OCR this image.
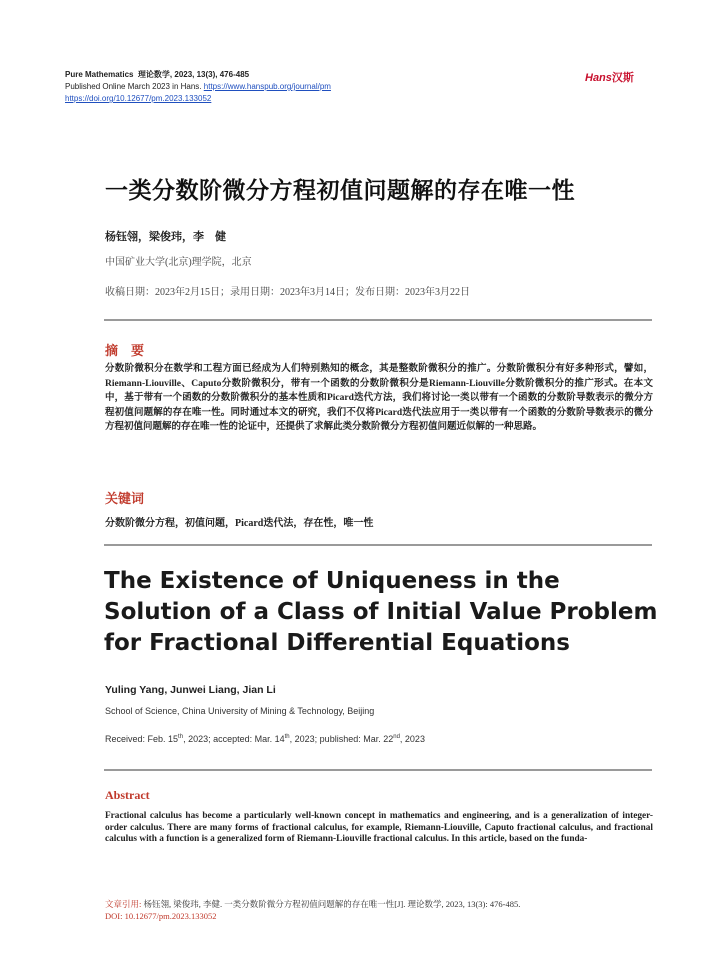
Pure Mathematics 理论数学, 2023, 13(3), 476-485
Published Online March 2023 in Hans. https://www.hanspub.org/journal/pm
https://doi.org/10.12677/pm.2023.133052
Hans汉斯
一类分数阶微分方程初值问题解的存在唯一性
杨钰翎，梁俊玮，李　健
中国矿业大学(北京)理学院，北京
收稿日期：2023年2月15日；录用日期：2023年3月14日；发布日期：2023年3月22日
摘　要
分数阶微积分在数学和工程方面已经成为人们特别熟知的概念，其是整数阶微积分的推广。分数阶微积分有好多种形式，譬如，Riemann-Liouville、Caputo分数阶微积分，带有一个函数的分数阶微积分是Riemann-Liouville分数阶微积分的推广形式。在本文中，基于带有一个函数的分数阶微积分的基本性质和Picard迭代方法，我们将讨论一类以带有一个函数的分数阶导数表示的微分方程初值问题解的存在唯一性。同时通过本文的研究，我们不仅将Picard迭代法应用于一类以带有一个函数的分数阶导数表示的微分方程初值问题解的存在唯一性的论证中，还提供了求解此类分数阶微分方程初值问题近似解的一种思路。
关键词
分数阶微分方程，初值问题，Picard迭代法，存在性，唯一性
The Existence of Uniqueness in the Solution of a Class of Initial Value Problem for Fractional Differential Equations
Yuling Yang, Junwei Liang, Jian Li
School of Science, China University of Mining & Technology, Beijing
Received: Feb. 15th, 2023; accepted: Mar. 14th, 2023; published: Mar. 22nd, 2023
Abstract
Fractional calculus has become a particularly well-known concept in mathematics and engineering, and is a generalization of integer-order calculus. There are many forms of fractional calculus, for example, Riemann-Liouville, Caputo fractional calculus, and fractional calculus with a function is a generalized form of Riemann-Liouville fractional calculus. In this article, based on the funda-
文章引用: 杨钰翎, 梁俊玮, 李健. 一类分数阶微分方程初值问题解的存在唯一性[J]. 理论数学, 2023, 13(3): 476-485.
DOI: 10.12677/pm.2023.133052
